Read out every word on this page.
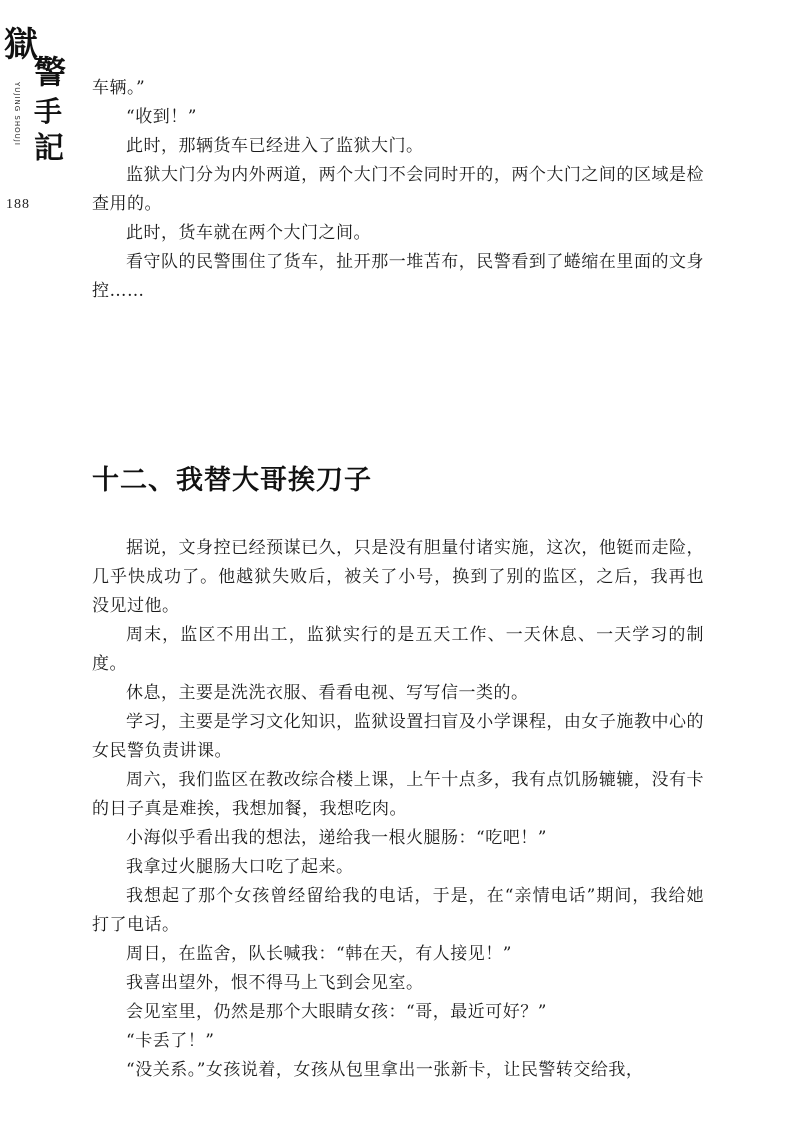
獄
警
手
記
YUJING SHOUJI
188

车辆。”

“收到！”

此时，那辆货车已经进入了监狱大门。

监狱大门分为内外两道，两个大门不会同时开的，两个大门之间的区域是检查用的。

此时，货车就在两个大门之间。

看守队的民警围住了货车，扯开那一堆苫布，民警看到了蜷缩在里面的文身控……

十二、我替大哥挨刀子

据说，文身控已经预谋已久，只是没有胆量付诸实施，这次，他铤而走险，几乎快成功了。他越狱失败后，被关了小号，换到了别的监区，之后，我再也没见过他。

周末，监区不用出工，监狱实行的是五天工作、一天休息、一天学习的制度。

休息，主要是洗洗衣服、看看电视、写写信一类的。

学习，主要是学习文化知识，监狱设置扫盲及小学课程，由女子施教中心的女民警负责讲课。

周六，我们监区在教改综合楼上课，上午十点多，我有点饥肠辘辘，没有卡的日子真是难挨，我想加餐，我想吃肉。

小海似乎看出我的想法，递给我一根火腿肠：“吃吧！”

我拿过火腿肠大口吃了起来。

我想起了那个女孩曾经留给我的电话，于是，在“亲情电话”期间，我给她打了电话。

周日，在监舍，队长喊我：“韩在天，有人接见！”

我喜出望外，恨不得马上飞到会见室。

会见室里，仍然是那个大眼睛女孩：“哥，最近可好？”

“卡丢了！”

“没关系。”女孩说着，女孩从包里拿出一张新卡，让民警转交给我，
